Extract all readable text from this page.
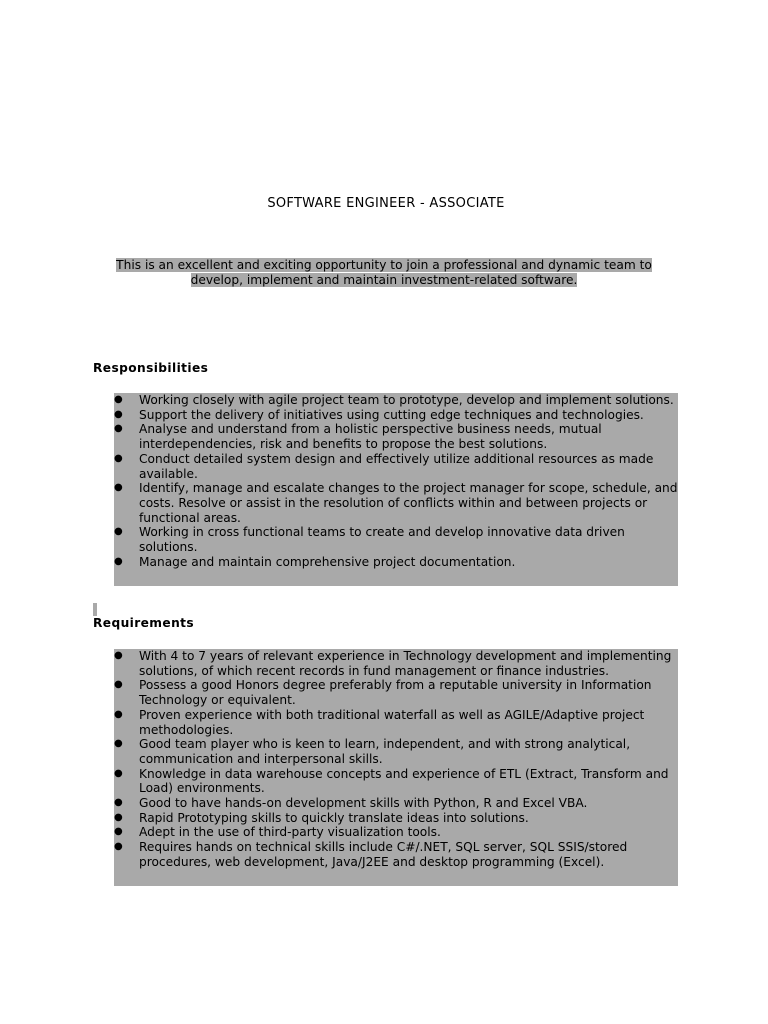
SOFTWARE ENGINEER - ASSOCIATE
This is an excellent and exciting opportunity to join a professional and dynamic team to develop, implement and maintain investment-related software.
Responsibilities
●	Working closely with agile project team to prototype, develop and implement solutions.
●	Support the delivery of initiatives using cutting edge techniques and technologies.
●	Analyse and understand from a holistic perspective business needs, mutual interdependencies, risk and benefits to propose the best solutions.
●	Conduct detailed system design and effectively utilize additional resources as made available.
●	Identify, manage and escalate changes to the project manager for scope, schedule, and costs. Resolve or assist in the resolution of conflicts within and between projects or functional areas.
●	Working in cross functional teams to create and develop innovative data driven solutions.
●	Manage and maintain comprehensive project documentation.
Requirements
●	With 4 to 7 years of relevant experience in Technology development and implementing solutions, of which recent records in fund management or finance industries.
●	Possess a good Honors degree preferably from a reputable university in Information Technology or equivalent.
●	Proven experience with both traditional waterfall as well as AGILE/Adaptive project methodologies.
●	Good team player who is keen to learn, independent, and with strong analytical, communication and interpersonal skills.
●	Knowledge in data warehouse concepts and experience of ETL (Extract, Transform and Load) environments.
●	Good to have hands-on development skills with Python, R and Excel VBA.
●	Rapid Prototyping skills to quickly translate ideas into solutions.
●	Adept in the use of third-party visualization tools.
●	Requires hands on technical skills include C#/.NET, SQL server, SQL SSIS/stored procedures, web development, Java/J2EE and desktop programming (Excel).
